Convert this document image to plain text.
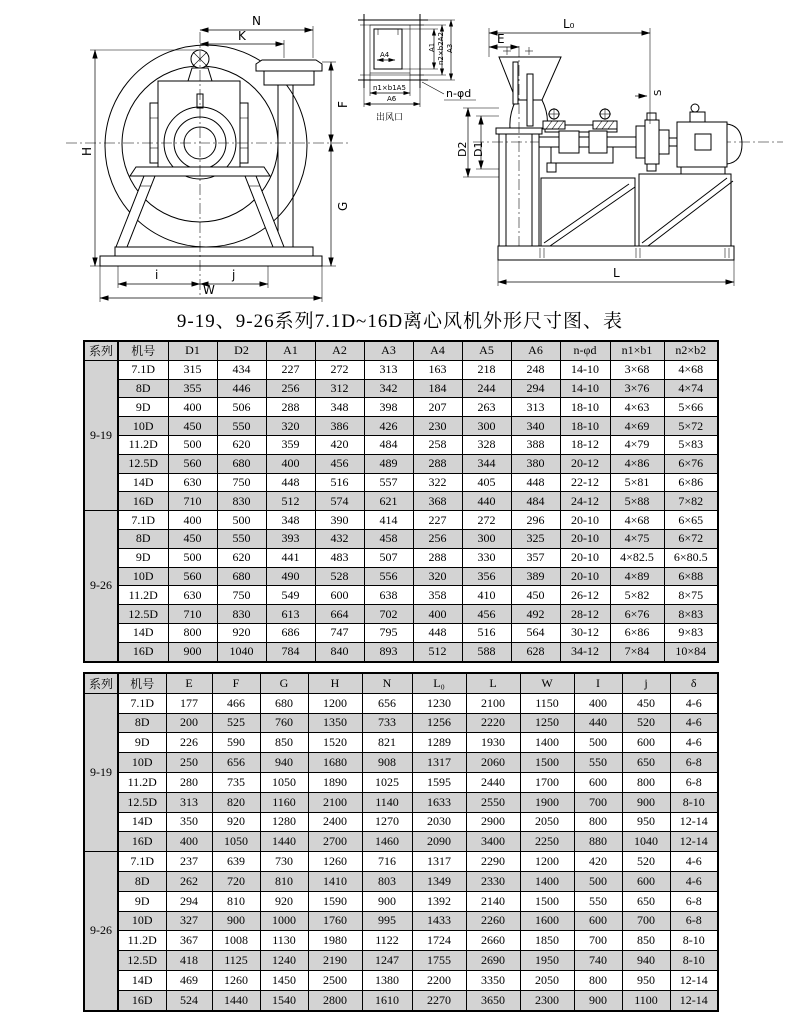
N
K
H
F
G
i	j
W
A4
A1 n2×b2A2 A3
n1×b1A5
A6	n-φd
出风口
S
L₀
E
D2 D1
L
9-19、9-26系列7.1D~16D离心风机外形尺寸图、表
系列	机号	D1	D2	A1	A2	A3	A4	A5	A6	n-φd	n1×b1	n2×b2
9-19	7.1D	315	434	227	272	313	163	218	248	14-10	3×68	4×68
	8D	355	446	256	312	342	184	244	294	14-10	3×76	4×74
	9D	400	506	288	348	398	207	263	313	18-10	4×63	5×66
	10D	450	550	320	386	426	230	300	340	18-10	4×69	5×72
	11.2D	500	620	359	420	484	258	328	388	18-12	4×79	5×83
	12.5D	560	680	400	456	489	288	344	380	20-12	4×86	6×76
	14D	630	750	448	516	557	322	405	448	22-12	5×81	6×86
	16D	710	830	512	574	621	368	440	484	24-12	5×88	7×82
9-26	7.1D	400	500	348	390	414	227	272	296	20-10	4×68	6×65
	8D	450	550	393	432	458	256	300	325	20-10	4×75	6×72
	9D	500	620	441	483	507	288	330	357	20-10	4×82.5	6×80.5
	10D	560	680	490	528	556	320	356	389	20-10	4×89	6×88
	11.2D	630	750	549	600	638	358	410	450	26-12	5×82	8×75
	12.5D	710	830	613	664	702	400	456	492	28-12	6×76	8×83
	14D	800	920	686	747	795	448	516	564	30-12	6×86	9×83
	16D	900	1040	784	840	893	512	588	628	34-12	7×84	10×84
系列	机号	E	F	G	H	N	L₀	L	W	I	j	δ
9-19	7.1D	177	466	680	1200	656	1230	2100	1150	400	450	4-6
	8D	200	525	760	1350	733	1256	2220	1250	440	520	4-6
	9D	226	590	850	1520	821	1289	1930	1400	500	600	4-6
	10D	250	656	940	1680	908	1317	2060	1500	550	650	6-8
	11.2D	280	735	1050	1890	1025	1595	2440	1700	600	800	6-8
	12.5D	313	820	1160	2100	1140	1633	2550	1900	700	900	8-10
	14D	350	920	1280	2400	1270	2030	2900	2050	800	950	12-14
	16D	400	1050	1440	2700	1460	2090	3400	2250	880	1040	12-14
9-26	7.1D	237	639	730	1260	716	1317	2290	1200	420	520	4-6
	8D	262	720	810	1410	803	1349	2330	1400	500	600	4-6
	9D	294	810	920	1590	900	1392	2140	1500	550	650	6-8
	10D	327	900	1000	1760	995	1433	2260	1600	600	700	6-8
	11.2D	367	1008	1130	1980	1122	1724	2660	1850	700	850	8-10
	12.5D	418	1125	1240	2190	1247	1755	2690	1950	740	940	8-10
	14D	469	1260	1450	2500	1380	2200	3350	2050	800	950	12-14
	16D	524	1440	1540	2800	1610	2270	3650	2300	900	1100	12-14
